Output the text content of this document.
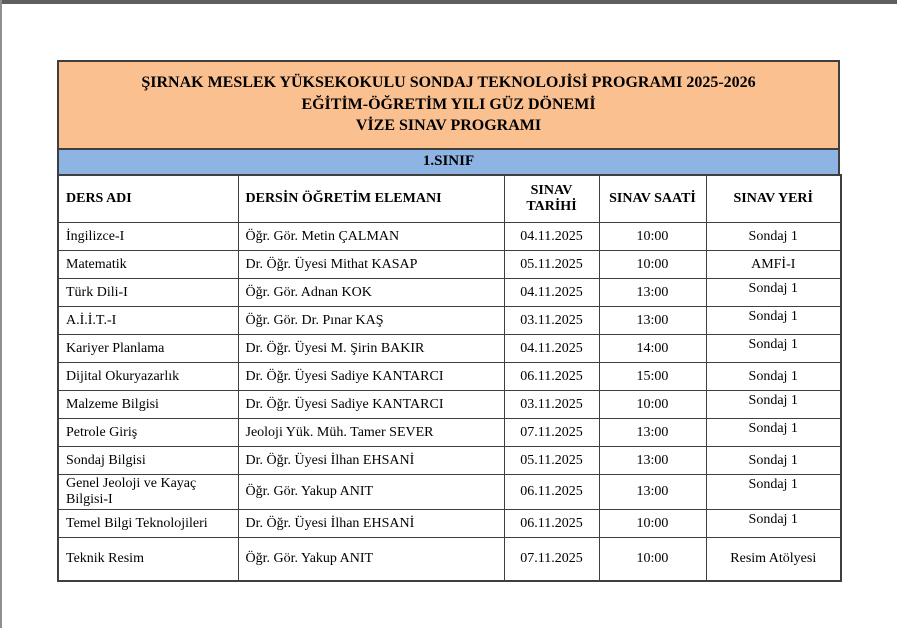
ŞIRNAK MESLEK YÜKSEKOKULU SONDAJ TEKNOLOJİSİ PROGRAMI 2025-2026
EĞİTİM-ÖĞRETİM YILI GÜZ DÖNEMİ
VİZE SINAV PROGRAMI
1.SINIF
DERS ADI	DERSİN ÖĞRETİM ELEMANI	SINAV TARİHİ	SINAV SAATİ	SINAV YERİ
İngilizce-I	Öğr. Gör. Metin ÇALMAN	04.11.2025	10:00	Sondaj 1
Matematik	Dr. Öğr. Üyesi Mithat KASAP	05.11.2025	10:00	AMFİ-I
Türk Dili-I	Öğr. Gör. Adnan KOK	04.11.2025	13:00	Sondaj 1
A.İ.İ.T.-I	Öğr. Gör. Dr. Pınar KAŞ	03.11.2025	13:00	Sondaj 1
Kariyer Planlama	Dr. Öğr. Üyesi M. Şirin BAKIR	04.11.2025	14:00	Sondaj 1
Dijital Okuryazarlık	Dr. Öğr. Üyesi Sadiye KANTARCI	06.11.2025	15:00	Sondaj 1
Malzeme Bilgisi	Dr. Öğr. Üyesi Sadiye KANTARCI	03.11.2025	10:00	Sondaj 1
Petrole Giriş	Jeoloji Yük. Müh. Tamer SEVER	07.11.2025	13:00	Sondaj 1
Sondaj Bilgisi	Dr. Öğr. Üyesi İlhan EHSANİ	05.11.2025	13:00	Sondaj 1
Genel Jeoloji ve Kayaç Bilgisi-I	Öğr. Gör. Yakup ANIT	06.11.2025	13:00	Sondaj 1
Temel Bilgi Teknolojileri	Dr. Öğr. Üyesi İlhan EHSANİ	06.11.2025	10:00	Sondaj 1
Teknik Resim	Öğr. Gör. Yakup ANIT	07.11.2025	10:00	Resim Atölyesi
